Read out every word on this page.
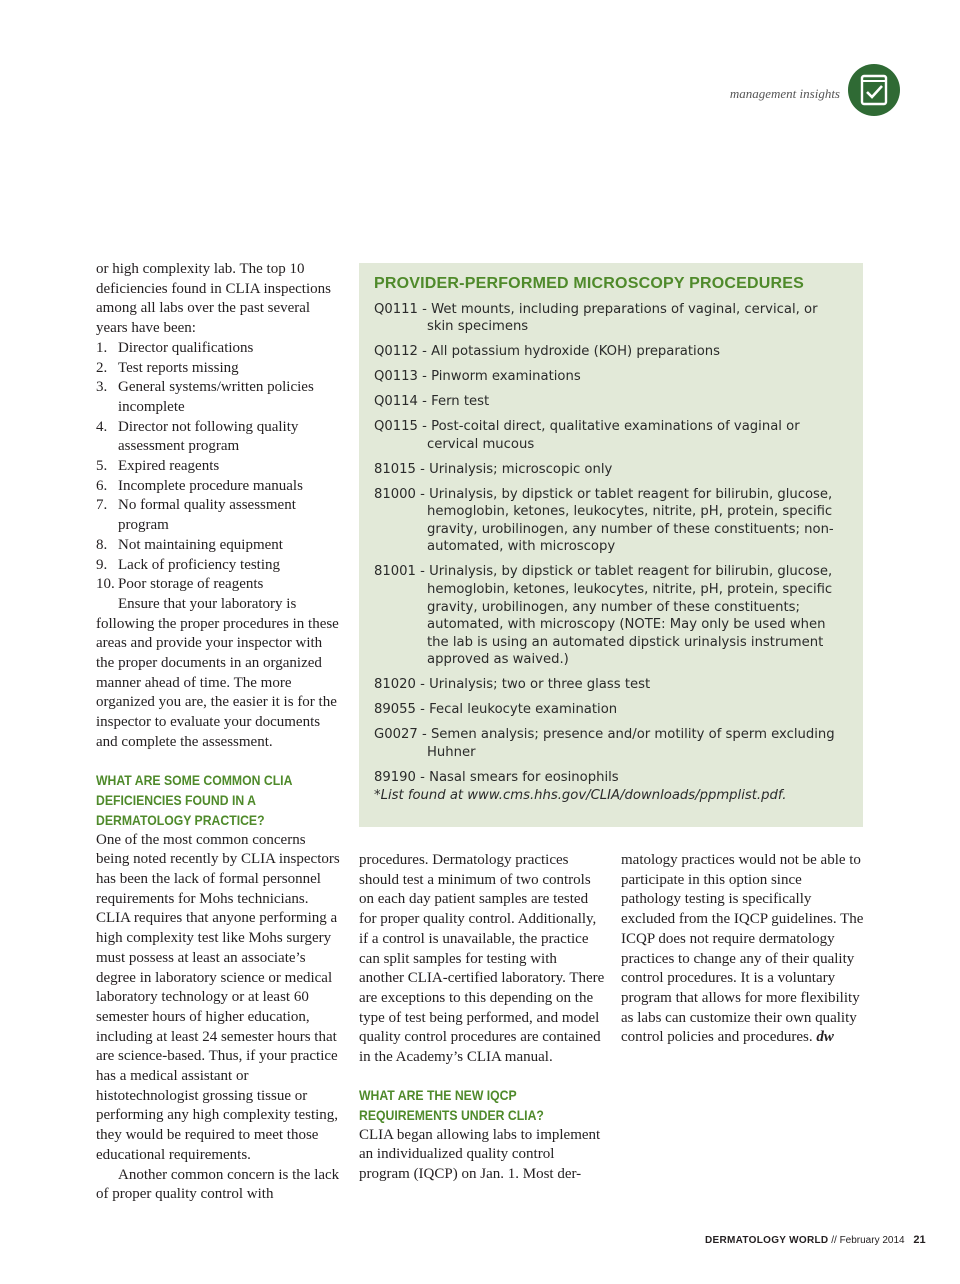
management insights

or high complexity lab. The top 10 deficiencies found in CLIA inspections among all labs over the past several years have been:

1. Director qualifications
2. Test reports missing
3. General systems/written policies incomplete
4. Director not following quality assessment program
5. Expired reagents
6. Incomplete procedure manuals
7. No formal quality assessment program
8. Not maintaining equipment
9. Lack of proficiency testing
10. Poor storage of reagents

Ensure that your laboratory is following the proper procedures in these areas and provide your inspector with the proper documents in an organized manner ahead of time. The more organized you are, the easier it is for the inspector to evaluate your documents and complete the assessment.

WHAT ARE SOME COMMON CLIA DEFICIENCIES FOUND IN A DERMATOLOGY PRACTICE?

One of the most common concerns being noted recently by CLIA inspectors has been the lack of formal personnel requirements for Mohs technicians. CLIA requires that anyone performing a high complexity test like Mohs surgery must possess at least an associate’s degree in laboratory science or medical laboratory technology or at least 60 semester hours of higher education, including at least 24 semester hours that are science-based. Thus, if your practice has a medical assistant or histotechnologist grossing tissue or performing any high complexity testing, they would be required to meet those educational requirements.

Another common concern is the lack of proper quality control with

PROVIDER-PERFORMED MICROSCOPY PROCEDURES
Q0111 - Wet mounts, including preparations of vaginal, cervical, or skin specimens
Q0112 - All potassium hydroxide (KOH) preparations
Q0113 - Pinworm examinations
Q0114 - Fern test
Q0115 - Post-coital direct, qualitative examinations of vaginal or cervical mucous
81015 - Urinalysis; microscopic only
81000 - Urinalysis, by dipstick or tablet reagent for bilirubin, glucose, hemoglobin, ketones, leukocytes, nitrite, pH, protein, specific gravity, urobilinogen, any number of these constituents; non-automated, with microscopy
81001 - Urinalysis, by dipstick or tablet reagent for bilirubin, glucose, hemoglobin, ketones, leukocytes, nitrite, pH, protein, specific gravity, urobilinogen, any number of these constituents; automated, with microscopy (NOTE: May only be used when the lab is using an automated dipstick urinalysis instrument approved as waived.)
81020 - Urinalysis; two or three glass test
89055 - Fecal leukocyte examination
G0027 - Semen analysis; presence and/or motility of sperm excluding Huhner
89190 - Nasal smears for eosinophils
*List found at www.cms.hhs.gov/CLIA/downloads/ppmplist.pdf.

procedures. Dermatology practices should test a minimum of two controls on each day patient samples are tested for proper quality control. Additionally, if a control is unavailable, the practice can split samples for testing with another CLIA-certified laboratory. There are exceptions to this depending on the type of test being performed, and model quality control procedures are contained in the Academy’s CLIA manual.

WHAT ARE THE NEW IQCP REQUIREMENTS UNDER CLIA?

CLIA began allowing labs to implement an individualized quality control program (IQCP) on Jan. 1. Most der-

matology practices would not be able to participate in this option since pathology testing is specifically excluded from the IQCP guidelines. The ICQP does not require dermatology practices to change any of their quality control procedures. It is a voluntary program that allows for more flexibility as labs can customize their own quality control policies and procedures. dw

DERMATOLOGY WORLD // February 2014 21
